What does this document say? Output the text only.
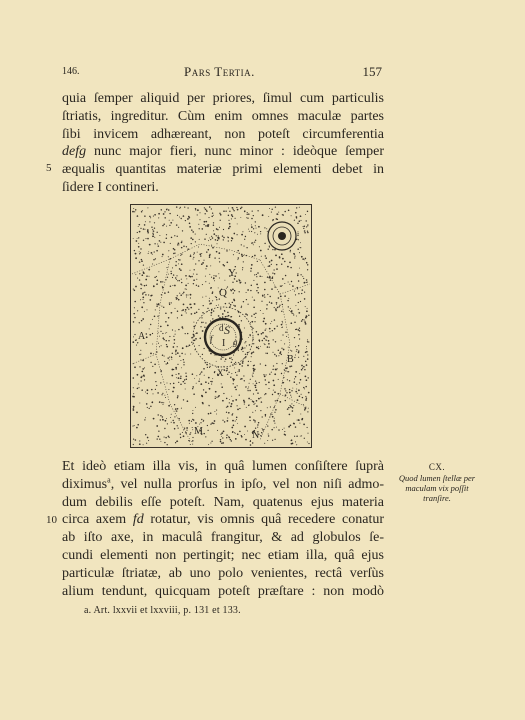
146.	Pars Tertia.	157
quia ſemper aliquid per priores, ſimul cum particulis
ſtriatis, ingreditur. Cùm enim omnes maculæ partes
ſibi invicem adhæreant, non poteſt circumferentia
defg nunc major fieri, nunc minor : ideòque ſemper
æqualis quantitas materiæ primi elementi debet in
ſidere I contineri.
5
Y
Q
d S
f I g
e
X
A
B
M	N
Et ideò etiam illa vis, in quâ lumen conſiſtere ſuprà
diximus$^a$, vel nulla prorſus in ipſo, vel non niſi admo-
dum debilis eſſe poteſt. Nam, quatenus ejus materia
circa axem fd rotatur, vis omnis quâ recedere conatur
ab iſto axe, in maculâ frangitur, & ad globulos ſe-
cundi elementi non pertingit; nec etiam illa, quâ ejus
particulæ ſtriatæ, ab uno polo venientes, rectâ verſùs
alium tendunt, quicquam poteſt præſtare : non modò
10
CX.
Quod lumen ſtellæ per
maculam vix poſſit
tranſire.
a. Art. lxxvii et lxxviii, p. 131 et 133.
